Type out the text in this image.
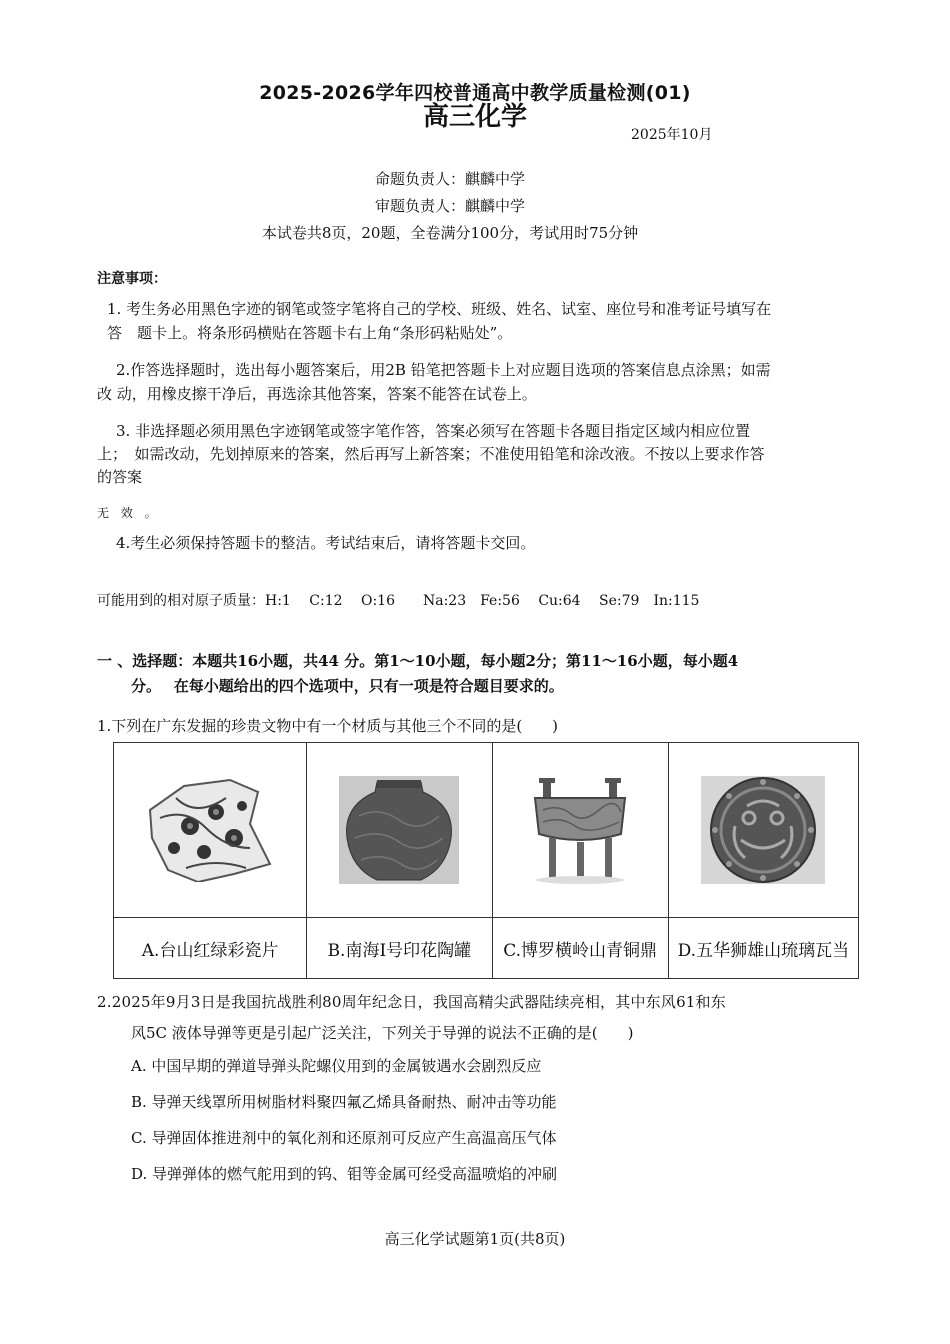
2025-2026学年四校普通高中教学质量检测(01)
高三化学
2025年10月
命题负责人：麒麟中学
审题负责人：麒麟中学
本试卷共8页，20题，全卷满分100分，考试用时75分钟
注意事项：
1. 考生务必用黑色字迹的钢笔或签字笔将自己的学校、班级、姓名、试室、座位号和准考证号填写在
答　题卡上。将条形码横贴在答题卡右上角“条形码粘贴处”。
2.作答选择题时，选出每小题答案后，用2B 铅笔把答题卡上对应题目选项的答案信息点涂黑；如需
改 动，用橡皮擦干净后，再选涂其他答案，答案不能答在试卷上。
3. 非选择题必须用黑色字迹钢笔或签字笔作答，答案必须写在答题卡各题目指定区域内相应位置
上；　如需改动，先划掉原来的答案，然后再写上新答案；不准使用铅笔和涂改液。不按以上要求作答
的答案
无 效 。
4.考生必须保持答题卡的整洁。考试结束后，请将答题卡交回。
可能用到的相对原子质量：H:1　 C:12　 O:16　　Na:23　Fe:56　 Cu:64　 Se:79　In:115
一 、选择题：本题共16小题，共44 分。第1～10小题，每小题2分；第11～16小题，每小题4
分。　 在每小题给出的四个选项中，只有一项是符合题目要求的。
1.下列在广东发掘的珍贵文物中有一个材质与其他三个不同的是(　　)

A.台山红绿彩瓷片	B.南海Ⅰ号印花陶罐	C.博罗横岭山青铜鼎	D.五华狮雄山琉璃瓦当
2.2025年9月3日是我国抗战胜利80周年纪念日，我国高精尖武器陆续亮相，其中东风61和东
风5C 液体导弹等更是引起广泛关注，下列关于导弹的说法不正确的是(　　)
A. 中国早期的弹道导弹头陀螺仪用到的金属铍遇水会剧烈反应
B. 导弹天线罩所用树脂材料聚四氟乙烯具备耐热、耐冲击等功能
C. 导弹固体推进剂中的氧化剂和还原剂可反应产生高温高压气体
D. 导弹弹体的燃气舵用到的钨、钼等金属可经受高温喷焰的冲刷
高三化学试题第1页(共8页)
